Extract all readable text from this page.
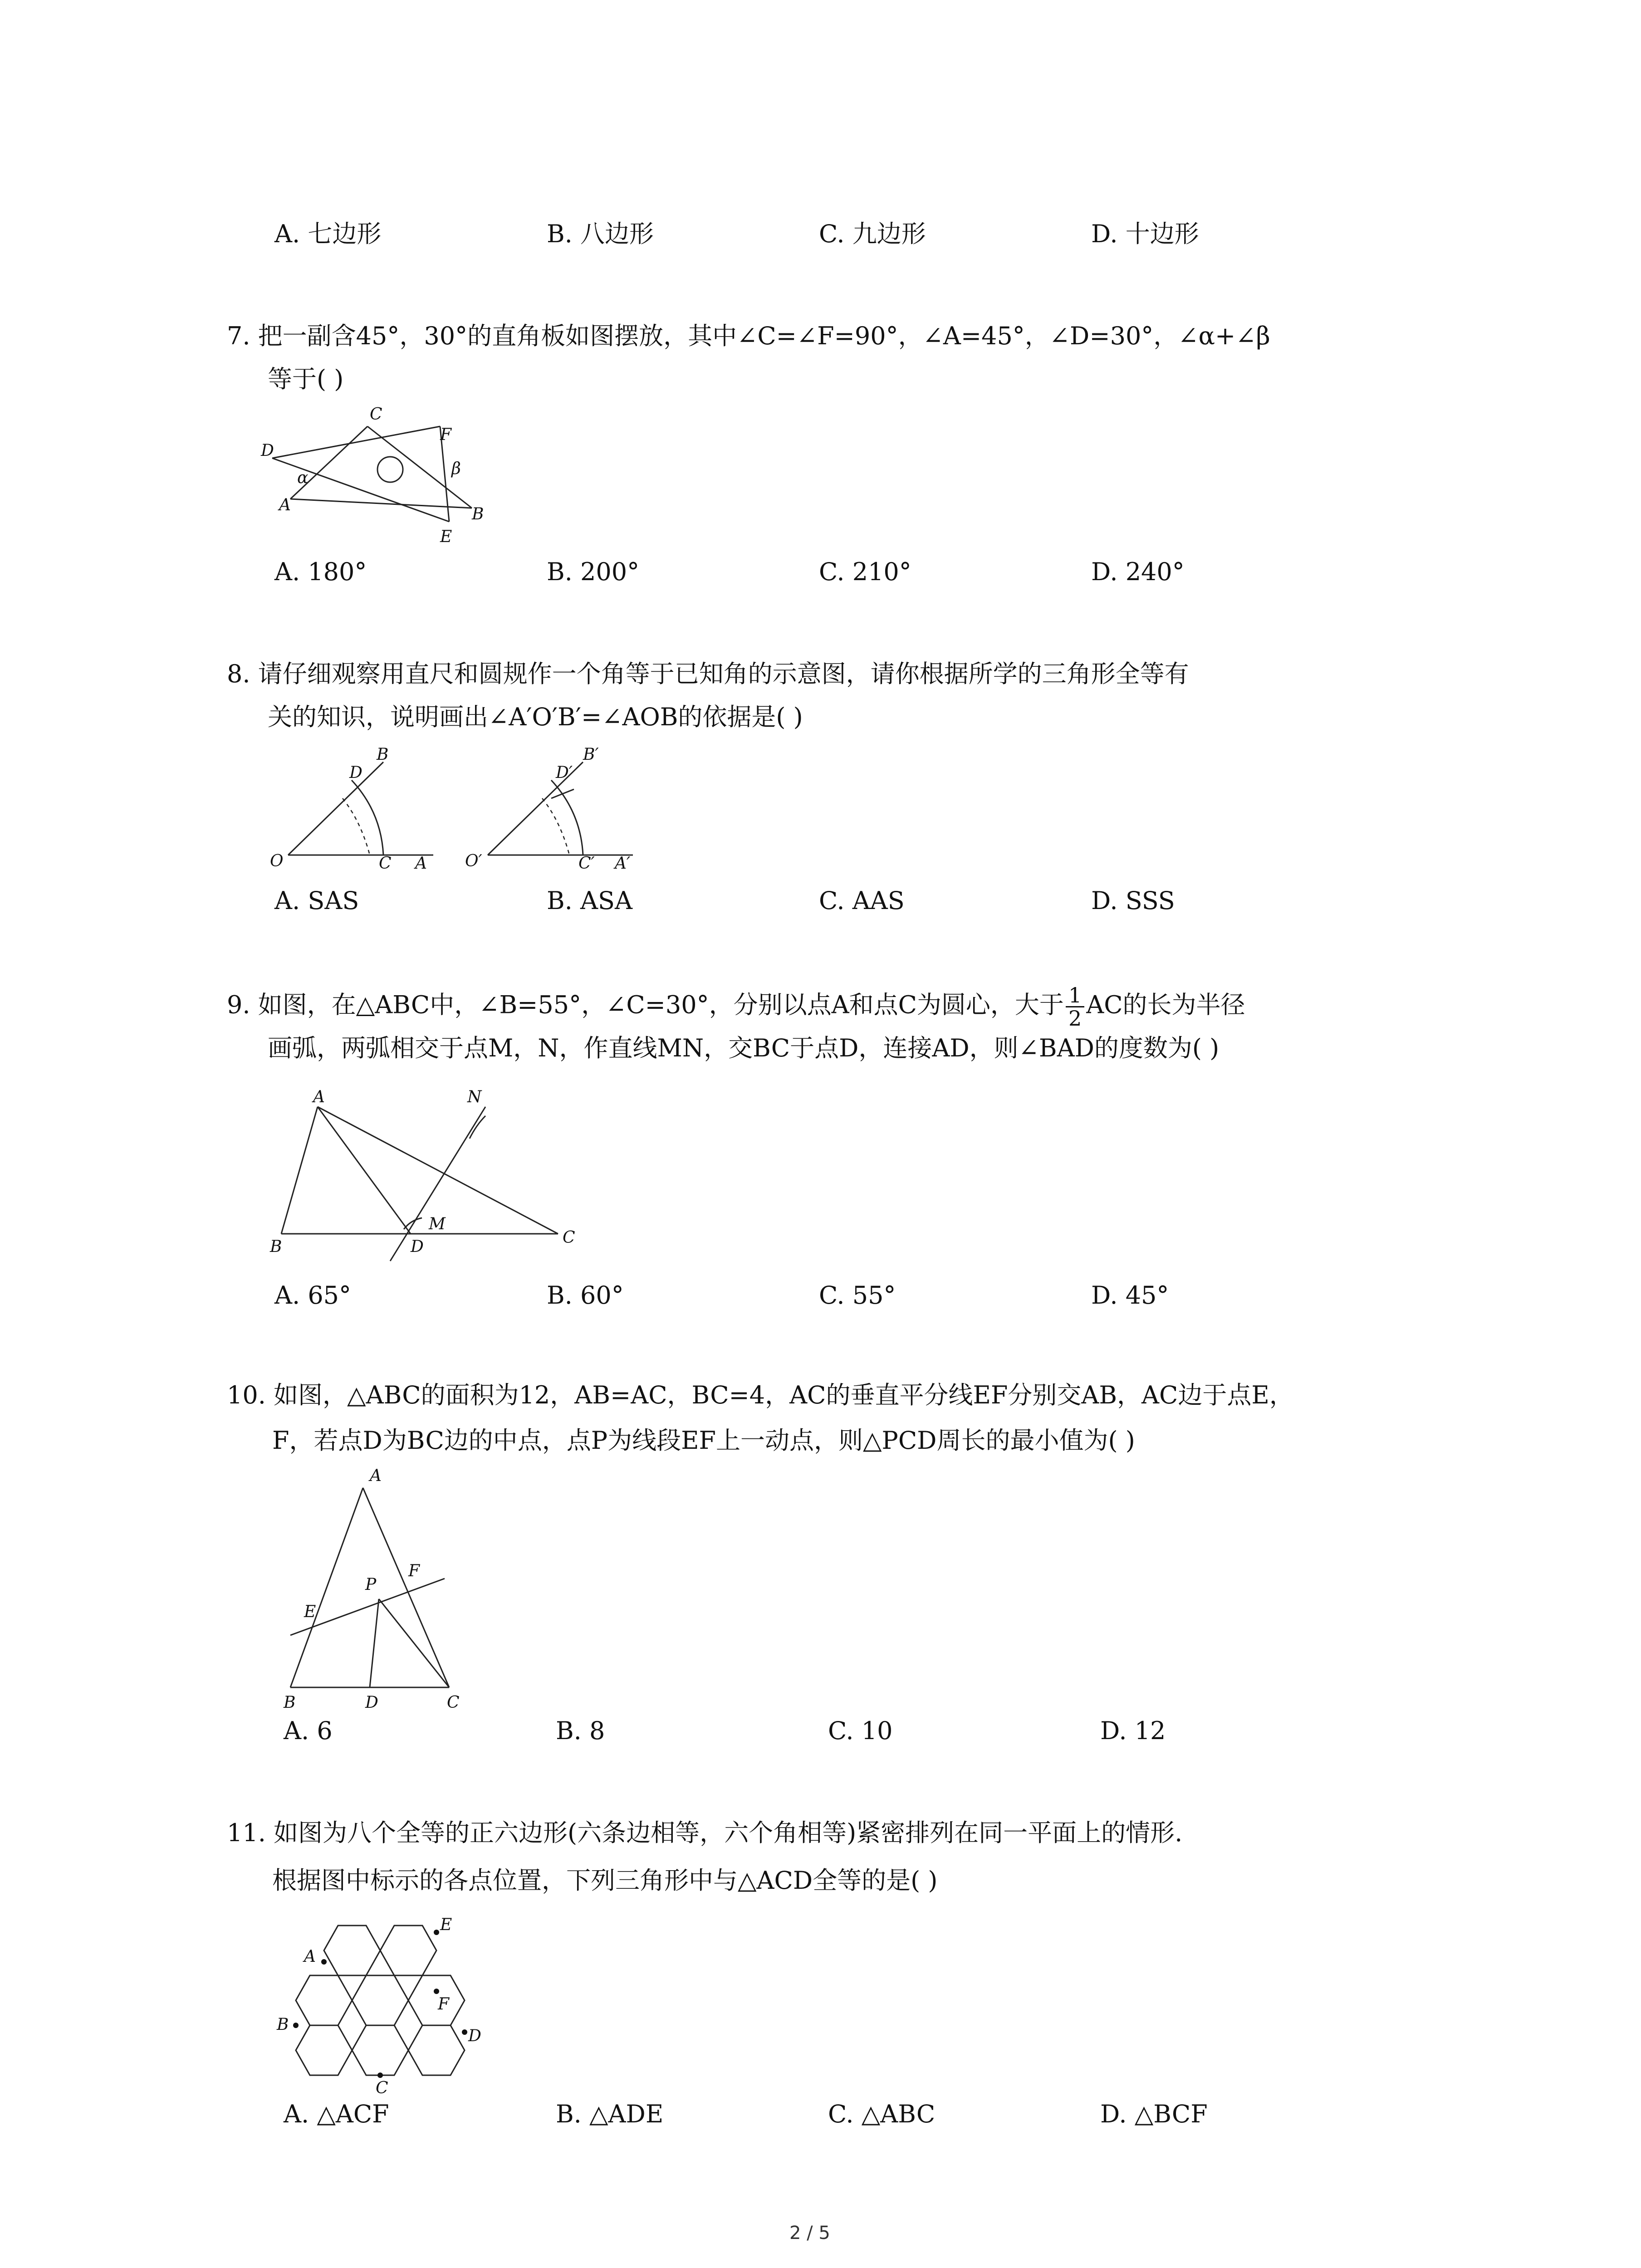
A. 七边形	B. 八边形	C. 九边形	D. 十边形
7. 把一副含45°，30°的直角板如图摆放，其中∠C=∠F=90°，∠A=45°，∠D=30°，∠α+∠β
等于( )
C
F
D
α	β
A	B
E
A. 180°	B. 200°	C. 210°	D. 240°
8. 请仔细观察用直尺和圆规作一个角等于已知角的示意图，请你根据所学的三角形全等有
关的知识，说明画出∠A′O′B′=∠AOB的依据是( )
B
D
O	C A
B′
D′
O′	C′ A′
A. SAS	B. ASA	C. AAS	D. SSS
9. 如图，在△ABC中，∠B=55°，∠C=30°，分别以点A和点C为圆心，大于 $\frac{1}{2}$ AC的长为半径
画弧，两弧相交于点M，N，作直线MN，交BC于点D，连接AD，则∠BAD的度数为( )
A	N
M
B	D	C
A. 65°	B. 60°	C. 55°	D. 45°
10. 如图，△ABC的面积为12，AB=AC，BC=4，AC的垂直平分线EF分别交AB，AC边于点E，
F，若点D为BC边的中点，点P为线段EF上一动点，则△PCD周长的最小值为( )
A
P
F
E
B	D	C
A. 6	B. 8	C. 10	D. 12
11. 如图为八个全等的正六边形(六条边相等，六个角相等)紧密排列在同一平面上的情形.
根据图中标示的各点位置，下列三角形中与△ACD全等的是( )
E
A
F
B
D
C
A. △ACF	B. △ADE	C. △ABC	D. △BCF
2 / 5
